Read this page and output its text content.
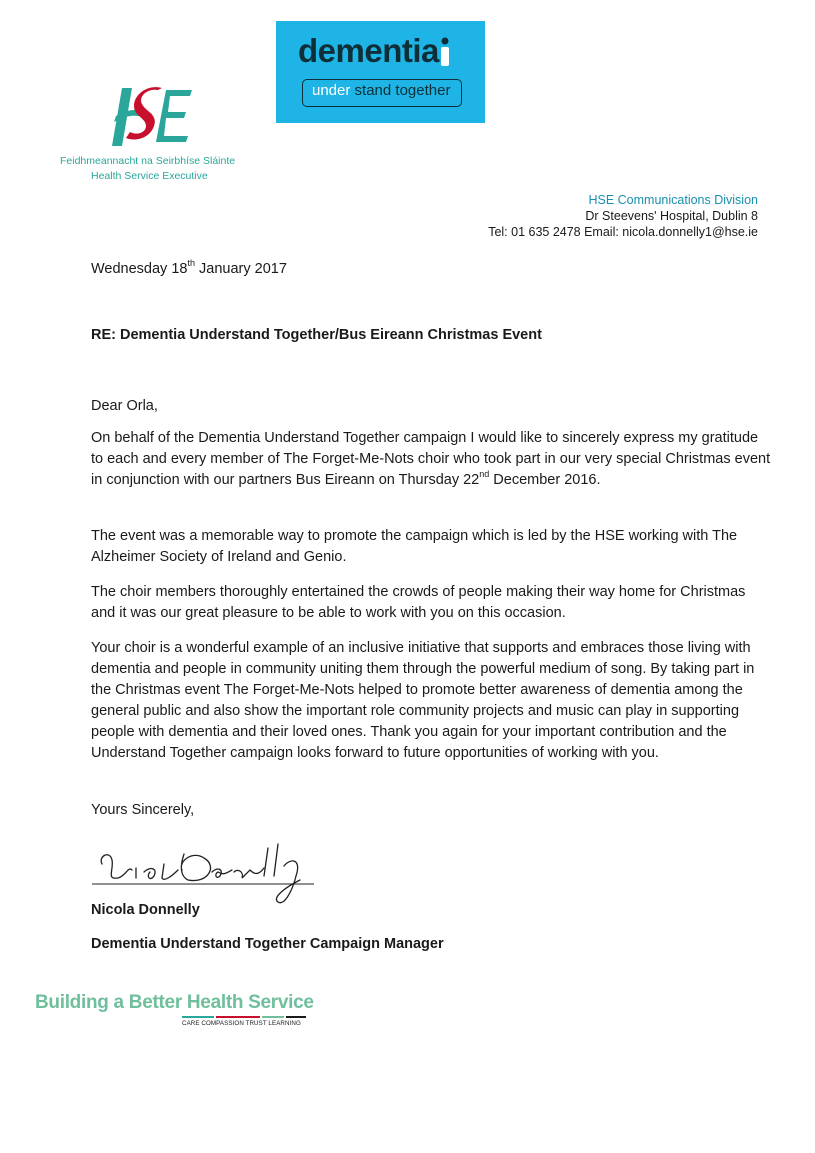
Feidhmeannacht na Seirbhíse Sláinte
Health Service Executive
dementia
under stand together
HSE Communications Division
Dr Steevens' Hospital, Dublin 8
Tel: 01 635 2478 Email: nicola.donnelly1@hse.ie
Wednesday 18th January 2017
RE: Dementia Understand Together/Bus Eireann Christmas Event
Dear Orla,
On behalf of the Dementia Understand Together campaign I would like to sincerely express my gratitude to each and every member of The Forget-Me-Nots choir who took part in our very special Christmas event in conjunction with our partners Bus Eireann on Thursday 22nd December 2016.
The event was a memorable way to promote the campaign which is led by the HSE working with The Alzheimer Society of Ireland and Genio.
The choir members thoroughly entertained the crowds of people making their way home for Christmas and it was our great pleasure to be able to work with you on this occasion.
Your choir is a wonderful example of an inclusive initiative that supports and embraces those living with dementia and people in community uniting them through the powerful medium of song. By taking part in the Christmas event The Forget-Me-Nots helped to promote better awareness of dementia among the general public and also show the important role community projects and music can play in supporting people with dementia and their loved ones. Thank you again for your important contribution and the Understand Together campaign looks forward to future opportunities of working with you.
Yours Sincerely,
Nicola Donnelly
Dementia Understand Together Campaign Manager
Building a Better Health Service
CARE COMPASSION TRUST LEARNING
